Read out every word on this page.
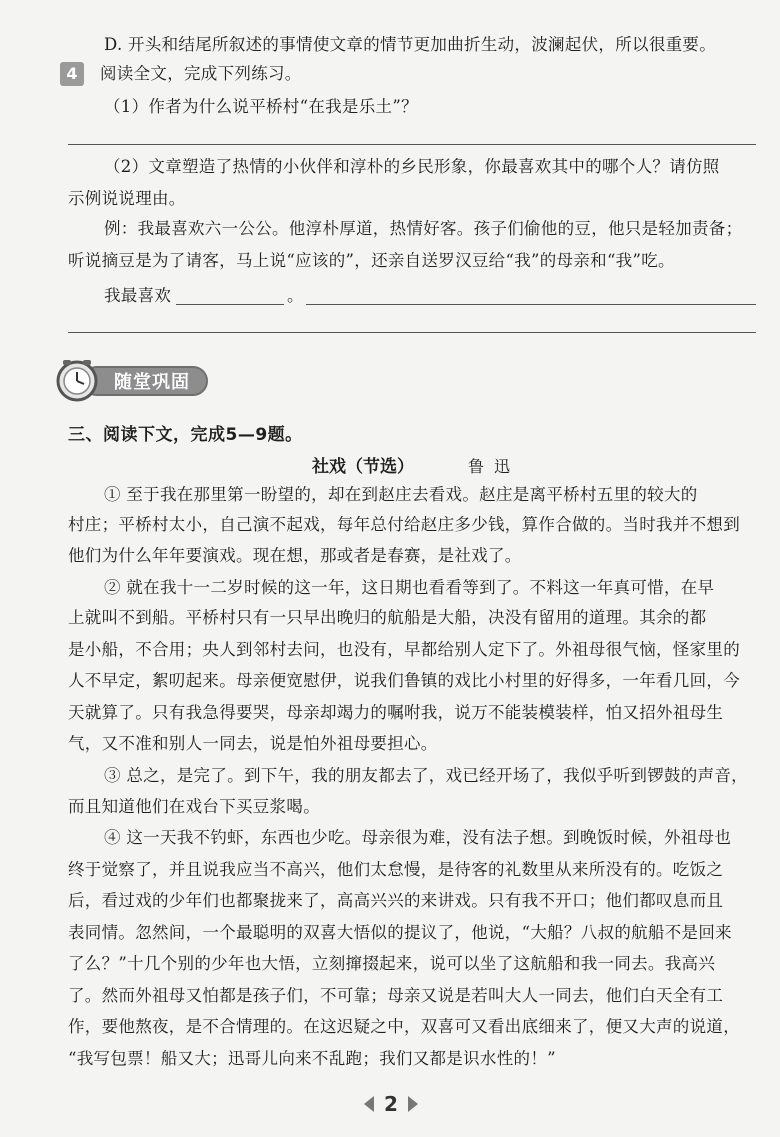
D. 开头和结尾所叙述的事情使文章的情节更加曲折生动，波澜起伏，所以很重要。
4	阅读全文，完成下列练习。
（1）作者为什么说平桥村“在我是乐土”？
（2）文章塑造了热情的小伙伴和淳朴的乡民形象，你最喜欢其中的哪个人？请仿照
示例说说理由。
例：我最喜欢六一公公。他淳朴厚道，热情好客。孩子们偷他的豆，他只是轻加责备；
听说摘豆是为了请客，马上说“应该的”，还亲自送罗汉豆给“我”的母亲和“我”吃。
我最喜欢	。
随堂巩固
三、阅读下文，完成5—9题。
社戏（节选）	鲁迅
① 至于我在那里第一盼望的，却在到赵庄去看戏。赵庄是离平桥村五里的较大的
村庄；平桥村太小，自己演不起戏，每年总付给赵庄多少钱，算作合做的。当时我并不想到
他们为什么年年要演戏。现在想，那或者是春赛，是社戏了。
② 就在我十一二岁时候的这一年，这日期也看看等到了。不料这一年真可惜，在早
上就叫不到船。平桥村只有一只早出晚归的航船是大船，决没有留用的道理。其余的都
是小船，不合用；央人到邻村去问，也没有，早都给别人定下了。外祖母很气恼，怪家里的
人不早定，絮叨起来。母亲便宽慰伊，说我们鲁镇的戏比小村里的好得多，一年看几回，今
天就算了。只有我急得要哭，母亲却竭力的嘱咐我，说万不能装模装样，怕又招外祖母生
气，又不准和别人一同去，说是怕外祖母要担心。
③ 总之，是完了。到下午，我的朋友都去了，戏已经开场了，我似乎听到锣鼓的声音，
而且知道他们在戏台下买豆浆喝。
④ 这一天我不钓虾，东西也少吃。母亲很为难，没有法子想。到晚饭时候，外祖母也
终于觉察了，并且说我应当不高兴，他们太怠慢，是待客的礼数里从来所没有的。吃饭之
后，看过戏的少年们也都聚拢来了，高高兴兴的来讲戏。只有我不开口；他们都叹息而且
表同情。忽然间，一个最聪明的双喜大悟似的提议了，他说，“大船？八叔的航船不是回来
了么？”十几个别的少年也大悟，立刻撺掇起来，说可以坐了这航船和我一同去。我高兴
了。然而外祖母又怕都是孩子们，不可靠；母亲又说是若叫大人一同去，他们白天全有工
作，要他熬夜，是不合情理的。在这迟疑之中，双喜可又看出底细来了，便又大声的说道，
“我写包票！船又大；迅哥儿向来不乱跑；我们又都是识水性的！”
2
